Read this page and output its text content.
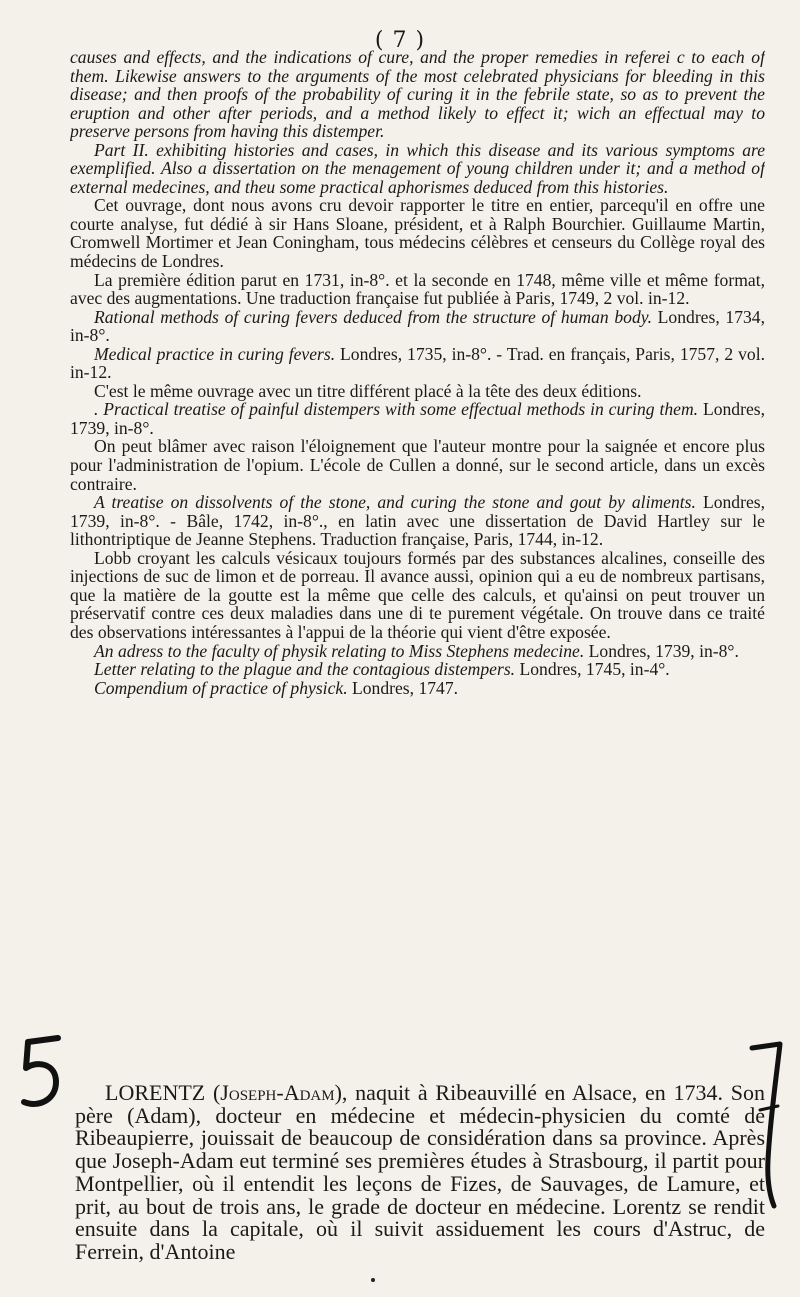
( 7 )

causes and effects, and the indications of cure, and the proper remedies in referei c to each of them. Likewise answers to the arguments of the most celebrated physicians for bleeding in this disease; and then proofs of the probability of curing it in the febrile state, so as to prevent the eruption and other after periods, and a method likely to effect it; wich an effectual may to preserve persons from having this distemper.

Part II. exhibiting histories and cases, in which this disease and its various symptoms are exemplified. Also a dissertation on the menagement of young children under it; and a method of external medecines, and theu some practical aphorismes deduced from this histories.

Cet ouvrage, dont nous avons cru devoir rapporter le titre en entier, parcequ'il en offre une courte analyse, fut dédié à sir Hans Sloane, président, et à Ralph Bourchier. Guillaume Martin, Cromwell Mortimer et Jean Coningham, tous médecins célèbres et censeurs du Collège royal des médecins de Londres.

La première édition parut en 1731, in-8°. et la seconde en 1748, même ville et même format, avec des augmentations. Une traduction française fut publiée à Paris, 1749, 2 vol. in-12.

Rational methods of curing fevers deduced from the structure of human body. Londres, 1734, in-8°.

Medical practice in curing fevers. Londres, 1735, in-8°. - Trad. en français, Paris, 1757, 2 vol. in-12.

C'est le même ouvrage avec un titre différent placé à la tête des deux éditions.

. Practical treatise of painful distempers with some effectual methods in curing them. Londres, 1739, in-8°.

On peut blâmer avec raison l'éloignement que l'auteur montre pour la saignée et encore plus pour l'administration de l'opium. L'école de Cullen a donné, sur le second article, dans un excès contraire.

A treatise on dissolvents of the stone, and curing the stone and gout by aliments. Londres, 1739, in-8°. - Bâle, 1742, in-8°., en latin avec une dissertation de David Hartley sur le lithontriptique de Jeanne Stephens. Traduction française, Paris, 1744, in-12.

Lobb croyant les calculs vésicaux toujours formés par des substances alcalines, conseille des injections de suc de limon et de porreau. Il avance aussi, opinion qui a eu de nombreux partisans, que la matière de la goutte est la même que celle des calculs, et qu'ainsi on peut trouver un préservatif contre ces deux maladies dans une di te purement végétale. On trouve dans ce traité des observations intéressantes à l'appui de la théorie qui vient d'être exposée.

An adress to the faculty of physik relating to Miss Stephens medecine. Londres, 1739, in-8°.

Letter relating to the plague and the contagious distempers. Londres, 1745, in-4°.

Compendium of practice of physick. Londres, 1747.

LORENTZ (Joseph-Adam), naquit à Ribeauvillé en Alsace, en 1734. Son père (Adam), docteur en médecine et médecin-physicien du comté de Ribeaupierre, jouissait de beaucoup de considération dans sa province. Après que Joseph-Adam eut terminé ses premières études à Strasbourg, il partit pour Montpellier, où il entendit les leçons de Fizes, de Sauvages, de Lamure, et prit, au bout de trois ans, le grade de docteur en médecine. Lorentz se rendit ensuite dans la capitale, où il suivit assiduement les cours d'Astruc, de Ferrein, d'Antoine
